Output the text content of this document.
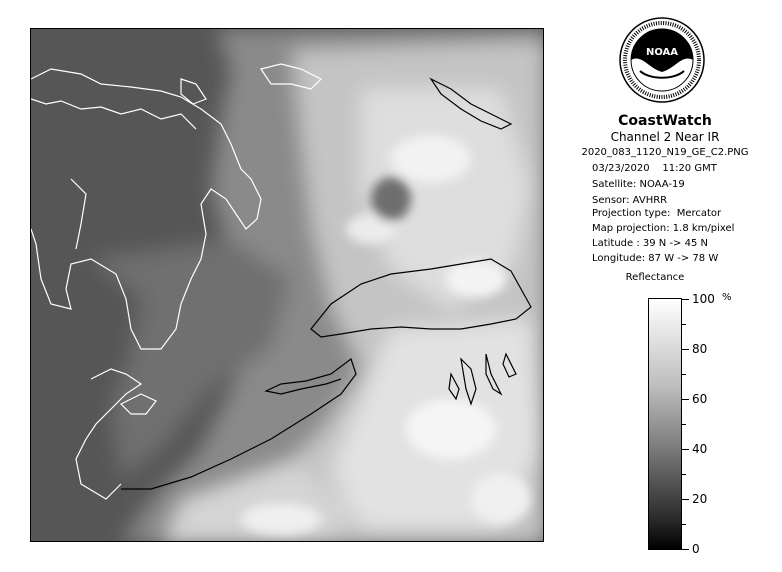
NOAA
CoastWatch
Channel 2 Near IR
2020_083_1120_N19_GE_C2.PNG
03/23/2020    11:20 GMT
Satellite: NOAA-19
Sensor: AVHRR
Projection type:  Mercator
Map projection: 1.8 km/pixel
Latitude : 39 N -> 45 N
Longitude: 87 W -> 78 W
Reflectance
%
100
80
60
40
20
0
